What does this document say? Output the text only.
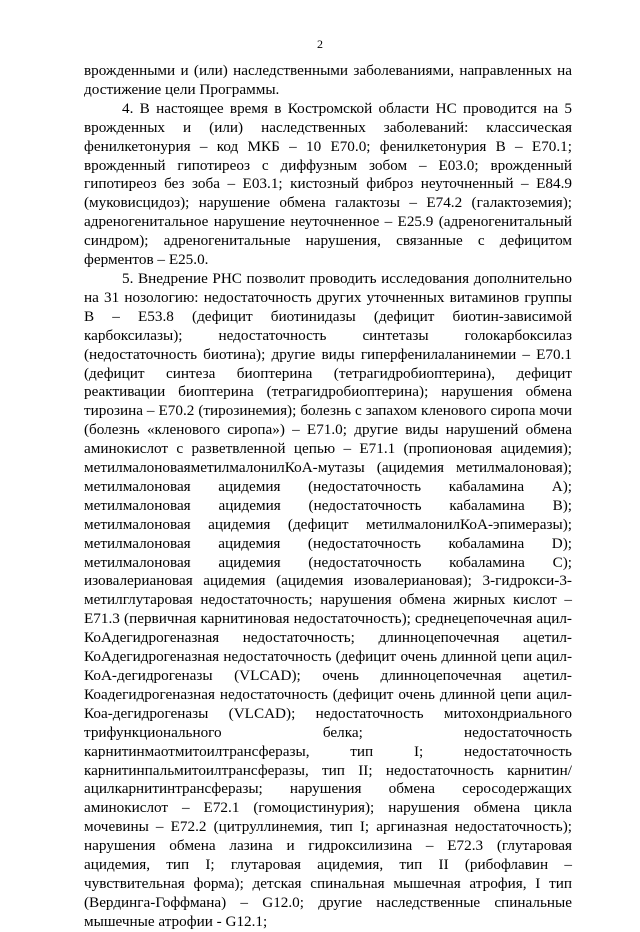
2

врожденными и (или) наследственными заболеваниями, направленных на достижение цели Программы.

4. В настоящее время в Костромской области НС проводится на 5 врожденных и (или) наследственных заболеваний: классическая фенилкетонурия – код МКБ – 10 Е70.0; фенилкетонурия В – Е70.1; врожденный гипотиреоз с диффузным зобом – Е03.0; врожденный гипотиреоз без зоба – Е03.1; кистозный фиброз неуточненный – Е84.9 (муковисцидоз); нарушение обмена галактозы – Е74.2 (галактоземия); адреногенитальное нарушение неуточненное – Е25.9 (адреногенитальный синдром); адреногенитальные нарушения, связанные с дефицитом ферментов – Е25.0.

5. Внедрение РНС позволит проводить исследования дополнительно на 31 нозологию: недостаточность других уточненных витаминов группы В – Е53.8 (дефицит биотинидазы (дефицит биотин-зависимой карбоксилазы); недостаточность синтетазы голокарбоксилаз (недостаточность биотина); другие виды гиперфенилаланинемии – Е70.1 (дефицит синтеза биоптерина (тетрагидробиоптерина), дефицит реактивации биоптерина (тетрагидробиоптерина); нарушения обмена тирозина – Е70.2 (тирозинемия); болезнь с запахом кленового сиропа мочи (болезнь «кленового сиропа») – Е71.0; другие виды нарушений обмена аминокислот с разветвленной цепью – Е71.1 (пропионовая ацидемия); метилмалоноваяметилмалонилКоА-мутазы (ацидемия метилмалоновая); метилмалоновая ацидемия (недостаточность кабаламина А); метилмалоновая ацидемия (недостаточность кабаламина В); метилмалоновая ацидемия (дефицит метилмалонилКоА-эпимеразы); метилмалоновая ацидемия (недостаточность кобаламина D); метилмалоновая ацидемия (недостаточность кобаламина С); изовалериановая ацидемия (ацидемия изовалериановая); 3-гидрокси-3-метилглутаровая недостаточность; нарушения обмена жирных кислот – Е71.3 (первичная карнитиновая недостаточность); среднецепочечная ацил-КоАдегидрогеназная недостаточность; длинноцепочечная ацетил-КоАдегидрогеназная недостаточность (дефицит очень длинной цепи ацил-КоА-дегидрогеназы (VLCAD); очень длинноцепочечная ацетил-Коадегидрогеназная недостаточность (дефицит очень длинной цепи ацил-Коа-дегидрогеназы (VLCAD); недостаточность митохондриального трифункционального белка; недостаточность карнитинмаотмитоилтрансферазы, тип I; недостаточность карнитинпальмитоилтрансферазы, тип II; недостаточность карнитин/ацилкарнитинтрансферазы; нарушения обмена серосодержащих аминокислот – Е72.1 (гомоцистинурия); нарушения обмена цикла мочевины – Е72.2 (цитруллинемия, тип I; аргиназная недостаточность); нарушения обмена лазина и гидроксилизина – Е72.3 (глутаровая ацидемия, тип I; глутаровая ацидемия, тип II (рибофлавин – чувствительная форма); детская спинальная мышечная атрофия, I тип (Вердинга-Гоффмана) – G12.0; другие наследственные спинальные мышечные атрофии - G12.1;
